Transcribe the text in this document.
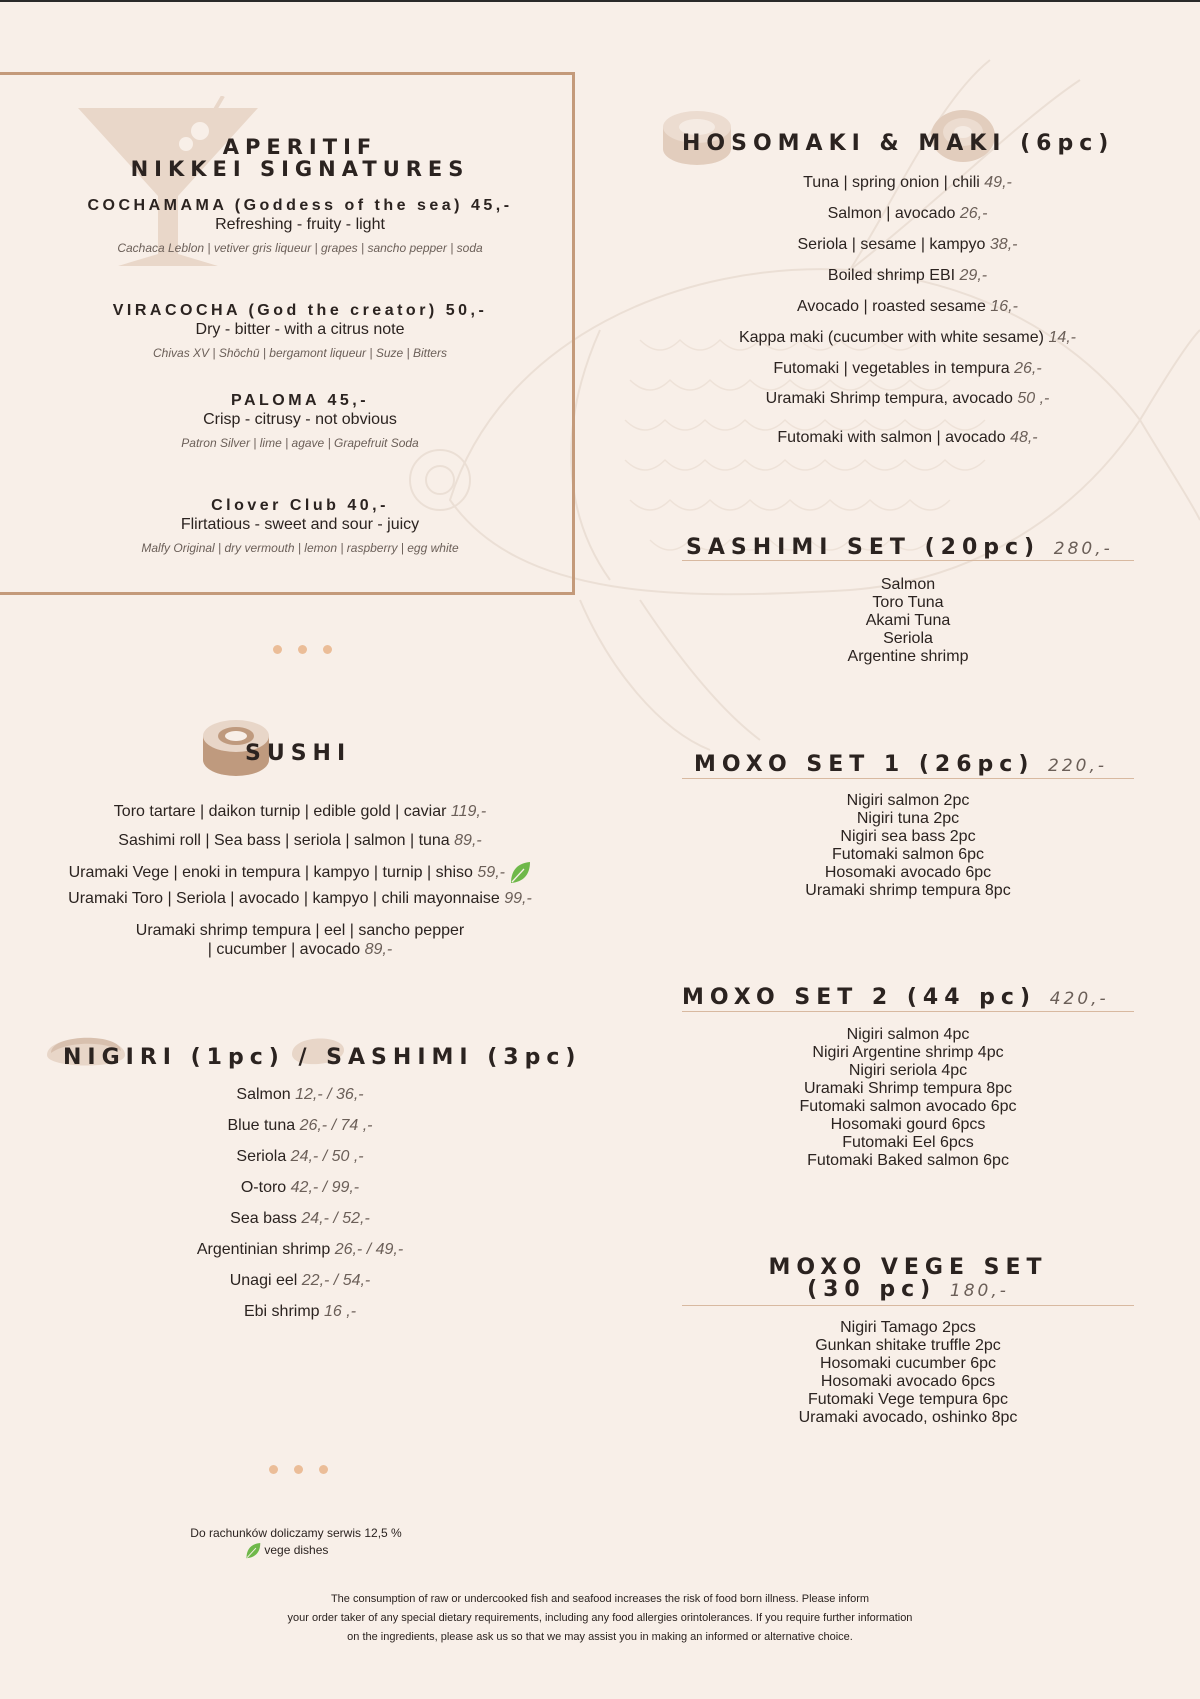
APERITIF
NIKKEI SIGNATURES
COCHAMAMA (Goddess of the sea) 45,-
Refreshing - fruity - light
Cachaca Leblon | vetiver gris liqueur | grapes | sancho pepper | soda
VIRACOCHA (God the creator) 50,-
Dry - bitter - with a citrus note
Chivas XV | Shōchū | bergamont liqueur | Suze | Bitters
PALOMA 45,-
Crisp - citrusy - not obvious
Patron Silver | lime | agave | Grapefruit Soda
Clover Club 40,-
Flirtatious - sweet and sour - juicy
Malfy Original | dry vermouth | lemon | raspberry | egg white
SUSHI
Toro tartare | daikon turnip | edible gold | caviar 119,-
Sashimi roll | Sea bass | seriola | salmon | tuna 89,-
Uramaki Vege | enoki in tempura | kampyo | turnip | shiso 59,-
Uramaki Toro | Seriola | avocado | kampyo | chili mayonnaise 99,-
Uramaki shrimp tempura | eel | sancho pepper
| cucumber | avocado 89,-
NIGIRI (1pc) / SASHIMI (3pc)
Salmon 12,- / 36,-
Blue tuna 26,- / 74 ,-
Seriola 24,- / 50 ,-
O-toro 42,- / 99,-
Sea bass 24,- / 52,-
Argentinian shrimp 26,- / 49,-
Unagi eel 22,- / 54,-
Ebi shrimp 16 ,-
HOSOMAKI & MAKI (6pc)
Tuna | spring onion | chili 49,-
Salmon | avocado 26,-
Seriola | sesame | kampyo 38,-
Boiled shrimp EBI 29,-
Avocado | roasted sesame 16,-
Kappa maki (cucumber with white sesame) 14,-
Futomaki | vegetables in tempura 26,-
Uramaki Shrimp tempura, avocado 50 ,-
Futomaki with salmon | avocado 48,-
SASHIMI SET (20pc) 280,-
Salmon
Toro Tuna
Akami Tuna
Seriola
Argentine shrimp
MOXO SET 1 (26pc) 220,-
Nigiri salmon 2pc
Nigiri tuna 2pc
Nigiri sea bass 2pc
Futomaki salmon 6pc
Hosomaki avocado 6pc
Uramaki shrimp tempura 8pc
MOXO SET 2 (44 pc) 420,-
Nigiri salmon 4pc
Nigiri Argentine shrimp 4pc
Nigiri seriola 4pc
Uramaki Shrimp tempura 8pc
Futomaki salmon avocado 6pc
Hosomaki gourd 6pcs
Futomaki Eel 6pcs
Futomaki Baked salmon 6pc
MOXO VEGE SET
(30 pc) 180,-
Nigiri Tamago 2pcs
Gunkan shitake truffle 2pc
Hosomaki cucumber 6pc
Hosomaki avocado 6pcs
Futomaki Vege tempura 6pc
Uramaki avocado, oshinko 8pc
Do rachunków doliczamy serwis 12,5 %
vege dishes
The consumption of raw or undercooked fish and seafood increases the risk of food born illness. Please inform
your order taker of any special dietary requirements, including any food allergies orintolerances. If you require further information
on the ingredients, please ask us so that we may assist you in making an informed or alternative choice.
